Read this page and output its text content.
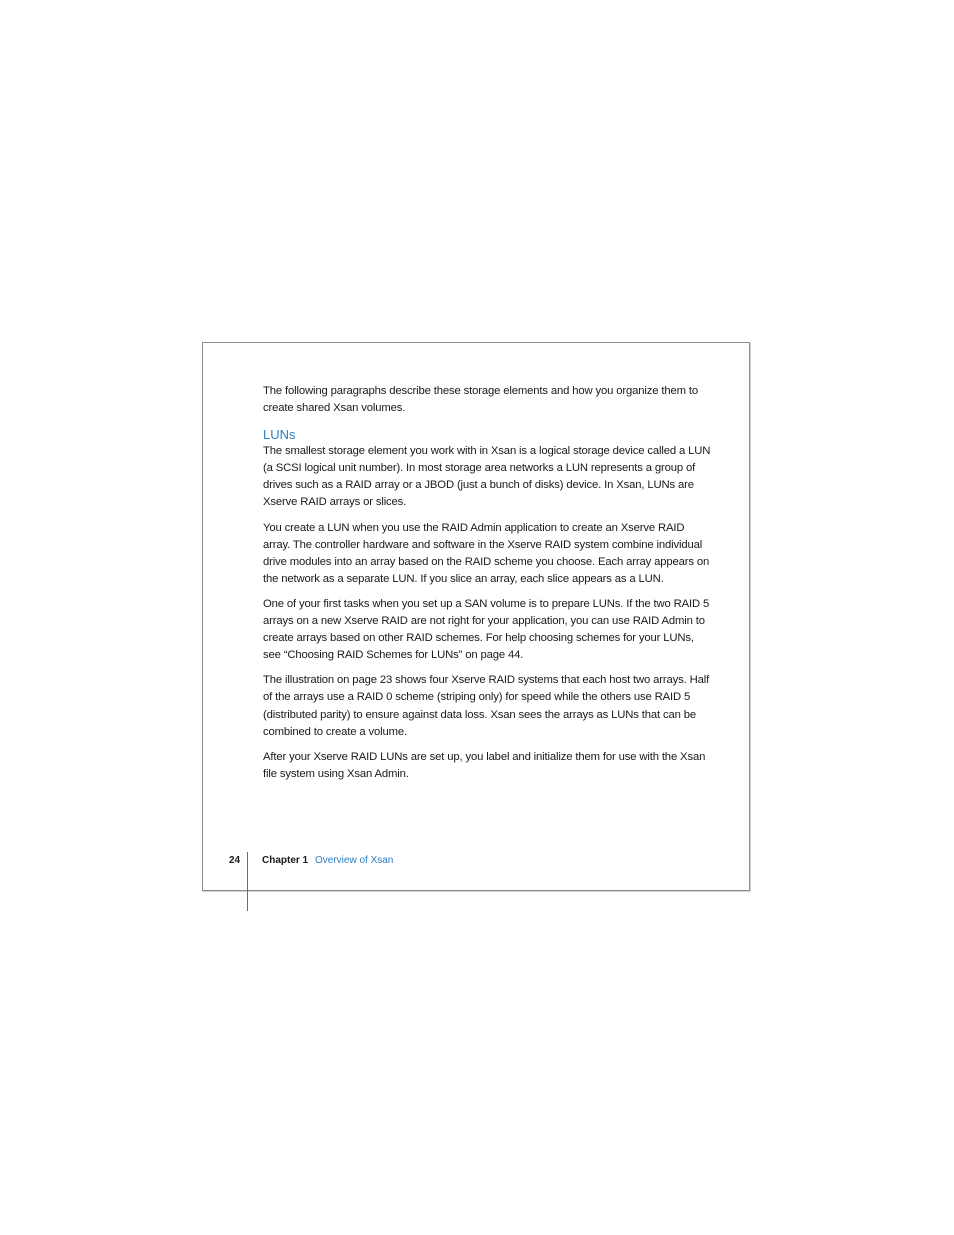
The following paragraphs describe these storage elements and how you organize them to create shared Xsan volumes.

LUNs

The smallest storage element you work with in Xsan is a logical storage device called a LUN (a SCSI logical unit number). In most storage area networks a LUN represents a group of drives such as a RAID array or a JBOD (just a bunch of disks) device. In Xsan, LUNs are Xserve RAID arrays or slices.

You create a LUN when you use the RAID Admin application to create an Xserve RAID array. The controller hardware and software in the Xserve RAID system combine individual drive modules into an array based on the RAID scheme you choose. Each array appears on the network as a separate LUN. If you slice an array, each slice appears as a LUN.

One of your first tasks when you set up a SAN volume is to prepare LUNs. If the two RAID 5 arrays on a new Xserve RAID are not right for your application, you can use RAID Admin to create arrays based on other RAID schemes. For help choosing schemes for your LUNs, see “Choosing RAID Schemes for LUNs” on page 44.

The illustration on page 23 shows four Xserve RAID systems that each host two arrays. Half of the arrays use a RAID 0 scheme (striping only) for speed while the others use RAID 5 (distributed parity) to ensure against data loss. Xsan sees the arrays as LUNs that can be combined to create a volume.

After your Xserve RAID LUNs are set up, you label and initialize them for use with the Xsan file system using Xsan Admin.

24 Chapter 1 Overview of Xsan
